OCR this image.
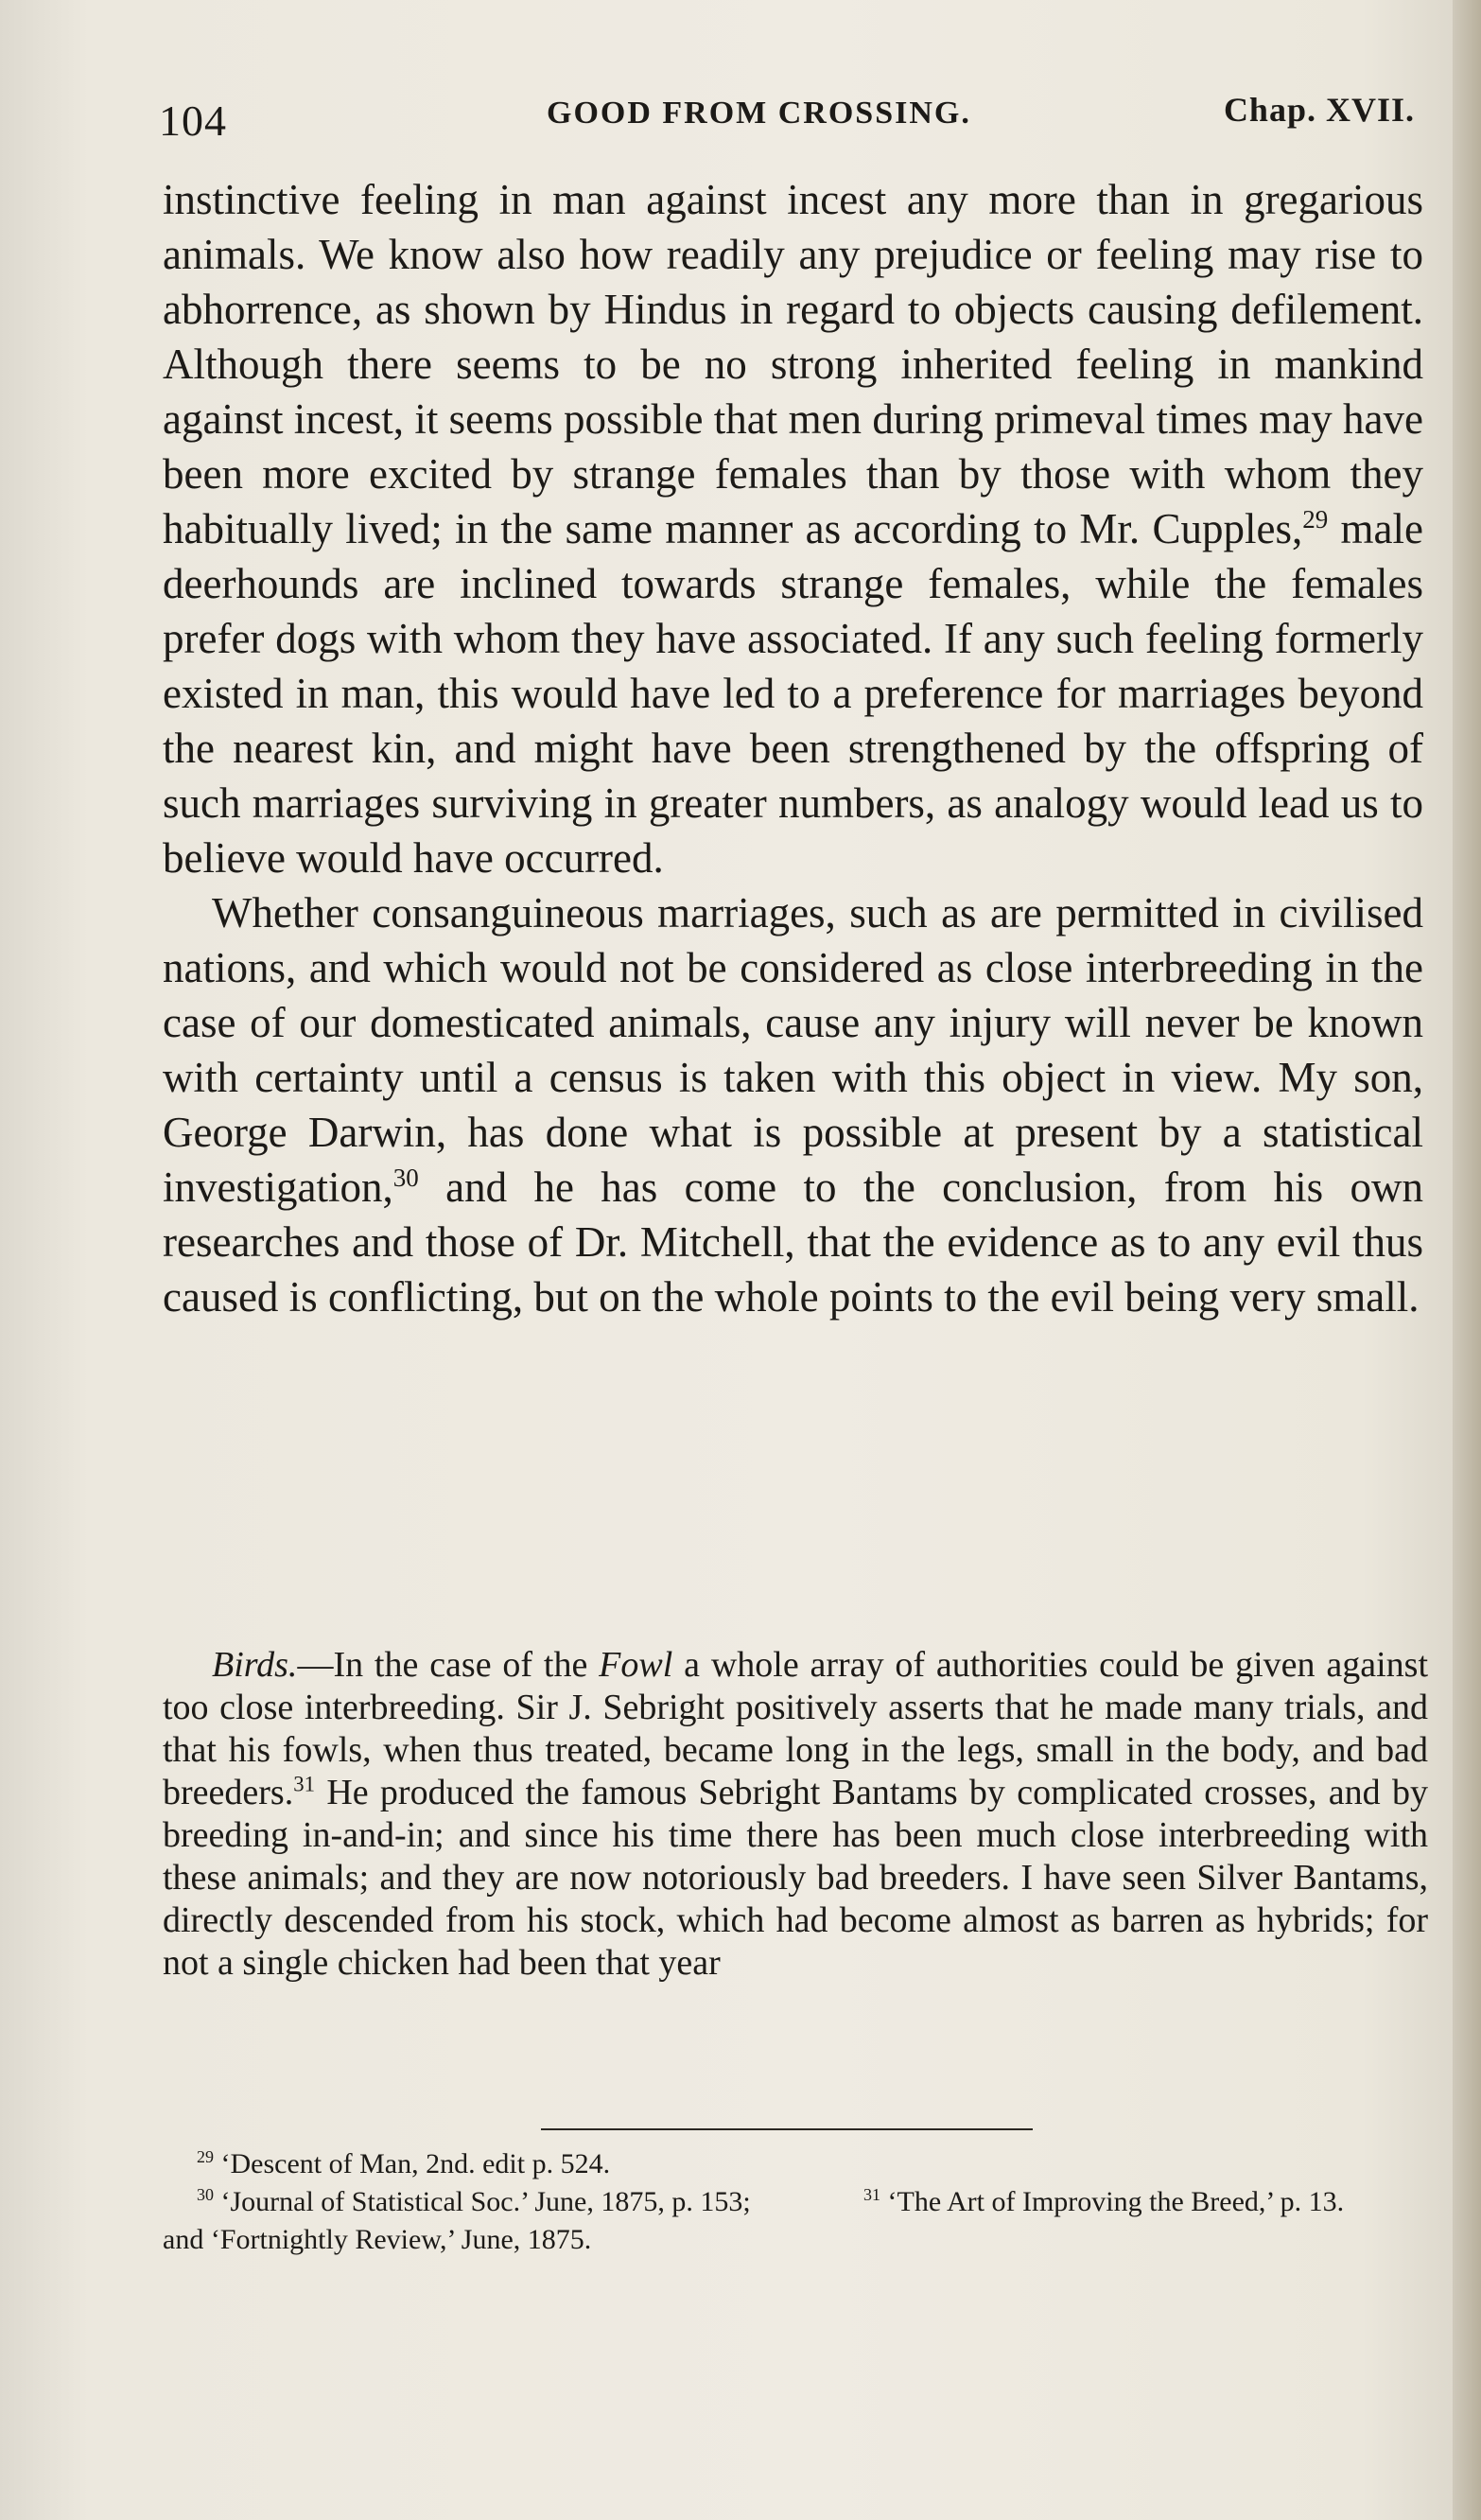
104	GOOD FROM CROSSING.	Chap. XVII.

instinctive feeling in man against incest any more than in gregarious animals. We know also how readily any prejudice or feeling may rise to abhorrence, as shown by Hindus in regard to objects causing defilement. Although there seems to be no strong inherited feeling in mankind against incest, it seems possible that men during primeval times may have been more excited by strange females than by those with whom they habitually lived; in the same manner as according to Mr. Cupples,$^{29}$ male deerhounds are inclined towards strange females, while the females prefer dogs with whom they have associated. If any such feeling formerly existed in man, this would have led to a preference for marriages beyond the nearest kin, and might have been strengthened by the offspring of such marriages surviving in greater numbers, as analogy would lead us to believe would have occurred.

Whether consanguineous marriages, such as are permitted in civilised nations, and which would not be considered as close interbreeding in the case of our domesticated animals, cause any injury will never be known with certainty until a census is taken with this object in view. My son, George Darwin, has done what is possible at present by a statistical investigation,$^{30}$ and he has come to the conclusion, from his own researches and those of Dr. Mitchell, that the evidence as to any evil thus caused is conflicting, but on the whole points to the evil being very small.

Birds.—In the case of the Fowl a whole array of authorities could be given against too close interbreeding. Sir J. Sebright positively asserts that he made many trials, and that his fowls, when thus treated, became long in the legs, small in the body, and bad breeders.$^{31}$ He produced the famous Sebright Bantams by complicated crosses, and by breeding in-and-in; and since his time there has been much close interbreeding with these animals; and they are now notoriously bad breeders. I have seen Silver Bantams, directly descended from his stock, which had become almost as barren as hybrids; for not a single chicken had been that year

$^{29}$ ‘Descent of Man, 2nd. edit p. 524.

$^{30}$ ‘Journal of Statistical Soc.’ June, 1875, p. 153; and ‘Fortnightly Review,’ June, 1875.

$^{31}$ ‘The Art of Improving the Breed,’ p. 13.
